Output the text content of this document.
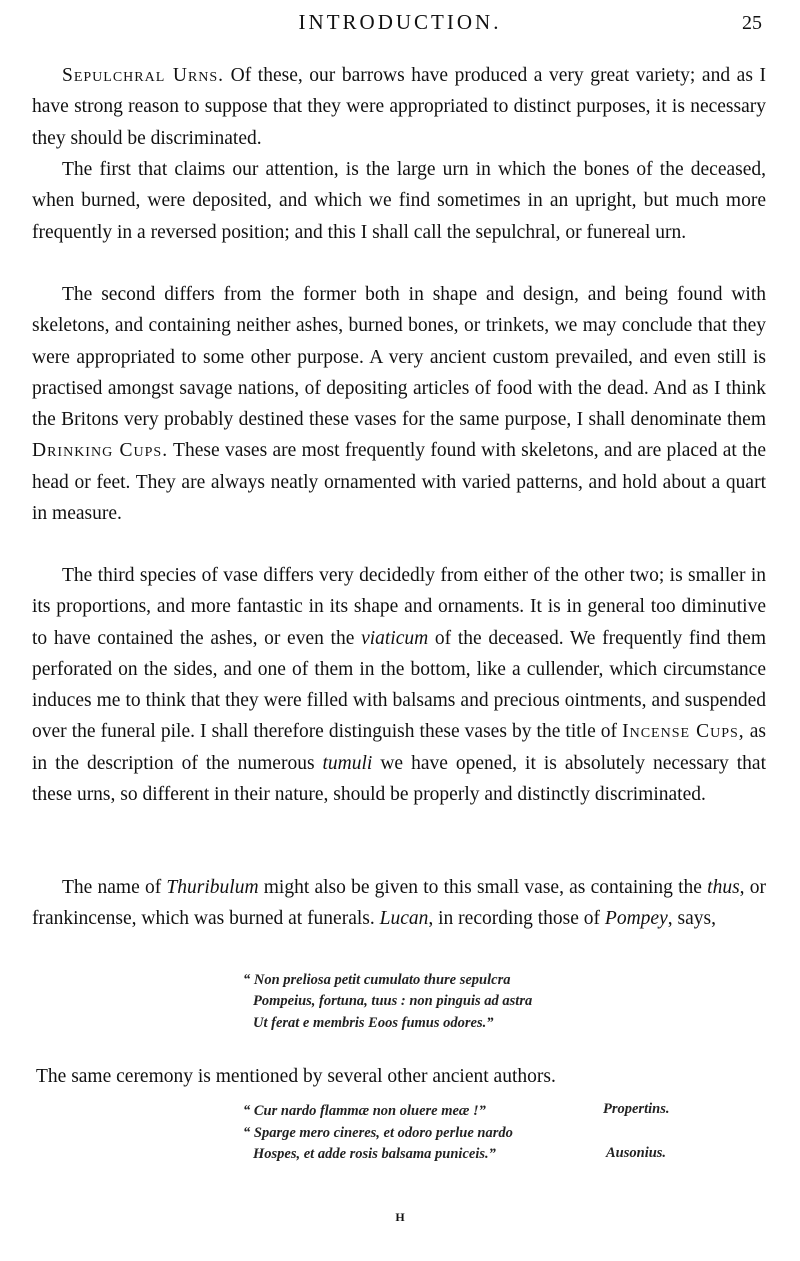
INTRODUCTION.	25

Sepulchral Urns. Of these, our barrows have produced a very great variety; and as I have strong reason to suppose that they were appropriated to distinct purposes, it is necessary they should be discriminated.

The first that claims our attention, is the large urn in which the bones of the deceased, when burned, were deposited, and which we find sometimes in an upright, but much more frequently in a reversed position; and this I shall call the sepulchral, or funereal urn.

The second differs from the former both in shape and design, and being found with skeletons, and containing neither ashes, burned bones, or trinkets, we may conclude that they were appropriated to some other purpose. A very ancient custom prevailed, and even still is practised amongst savage nations, of depositing articles of food with the dead. And as I think the Britons very probably destined these vases for the same purpose, I shall denominate them Drinking Cups. These vases are most frequently found with skeletons, and are placed at the head or feet. They are always neatly ornamented with varied patterns, and hold about a quart in measure.

The third species of vase differs very decidedly from either of the other two; is smaller in its proportions, and more fantastic in its shape and ornaments. It is in general too diminutive to have contained the ashes, or even the viaticum of the deceased. We frequently find them perforated on the sides, and one of them in the bottom, like a cullender, which circumstance induces me to think that they were filled with balsams and precious ointments, and suspended over the funeral pile. I shall therefore distinguish these vases by the title of Incense Cups, as in the description of the numerous tumuli we have opened, it is absolutely necessary that these urns, so different in their nature, should be properly and distinctly discriminated.

The name of Thuribulum might also be given to this small vase, as containing the thus, or frankincense, which was burned at funerals. Lucan, in recording those of Pompey, says,

“ Non preliosa petit cumulato thure sepulcra
Pompeius, fortuna, tuus : non pinguis ad astra
Ut ferat e membris Eoos fumus odores.”

The same ceremony is mentioned by several other ancient authors.

“ Cur nardo flammæ non oluere meæ !”	Propertins.
“ Sparge mero cineres, et odoro perlue nardo
Hospes, et adde rosis balsama puniceis.”	Ausonius.
H
